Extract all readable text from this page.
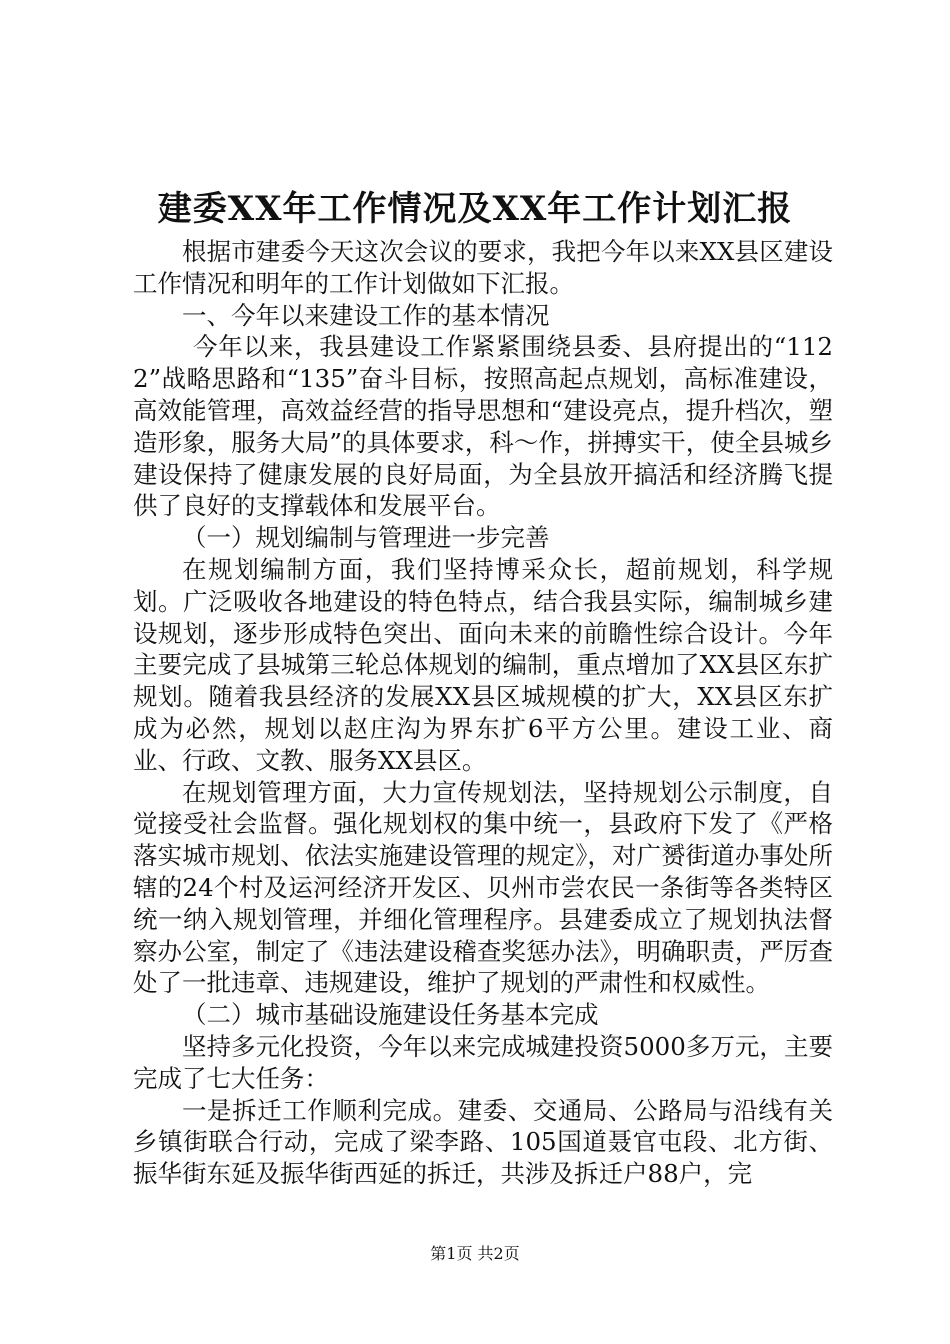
建委XX年工作情况及XX年工作计划汇报

根据市建委今天这次会议的要求，我把今年以来XX县区建设工作情况和明年的工作计划做如下汇报。

一、今年以来建设工作的基本情况

今年以来，我县建设工作紧紧围绕县委、县府提出的“1122”战略思路和“135”奋斗目标，按照高起点规划，高标准建设，高效能管理，高效益经营的指导思想和“建设亮点，提升档次，塑造形象，服务大局”的具体要求，科～作，拼搏实干，使全县城乡建设保持了健康发展的良好局面，为全县放开搞活和经济腾飞提供了良好的支撑载体和发展平台。

（一）规划编制与管理进一步完善

在规划编制方面，我们坚持博采众长，超前规划，科学规划。广泛吸收各地建设的特色特点，结合我县实际，编制城乡建设规划，逐步形成特色突出、面向未来的前瞻性综合设计。今年主要完成了县城第三轮总体规划的编制，重点增加了XX县区东扩规划。随着我县经济的发展XX县区城规模的扩大，XX县区东扩成为必然，规划以赵庄沟为界东扩6平方公里。建设工业、商业、行政、文教、服务XX县区。

在规划管理方面，大力宣传规划法，坚持规划公示制度，自觉接受社会监督。强化规划权的集中统一，县政府下发了《严格落实城市规划、依法实施建设管理的规定》，对广赟街道办事处所辖的24个村及运河经济开发区、贝州市尝农民一条街等各类特区统一纳入规划管理，并细化管理程序。县建委成立了规划执法督察办公室，制定了《违法建设稽查奖惩办法》，明确职责，严厉查处了一批违章、违规建设，维护了规划的严肃性和权威性。

（二）城市基础设施建设任务基本完成

坚持多元化投资，今年以来完成城建投资5000多万元，主要完成了七大任务：

一是拆迁工作顺利完成。建委、交通局、公路局与沿线有关乡镇街联合行动，完成了梁李路、105国道聂官屯段、北方街、振华街东延及振华街西延的拆迁，共涉及拆迁户88户，完

第1页 共2页
